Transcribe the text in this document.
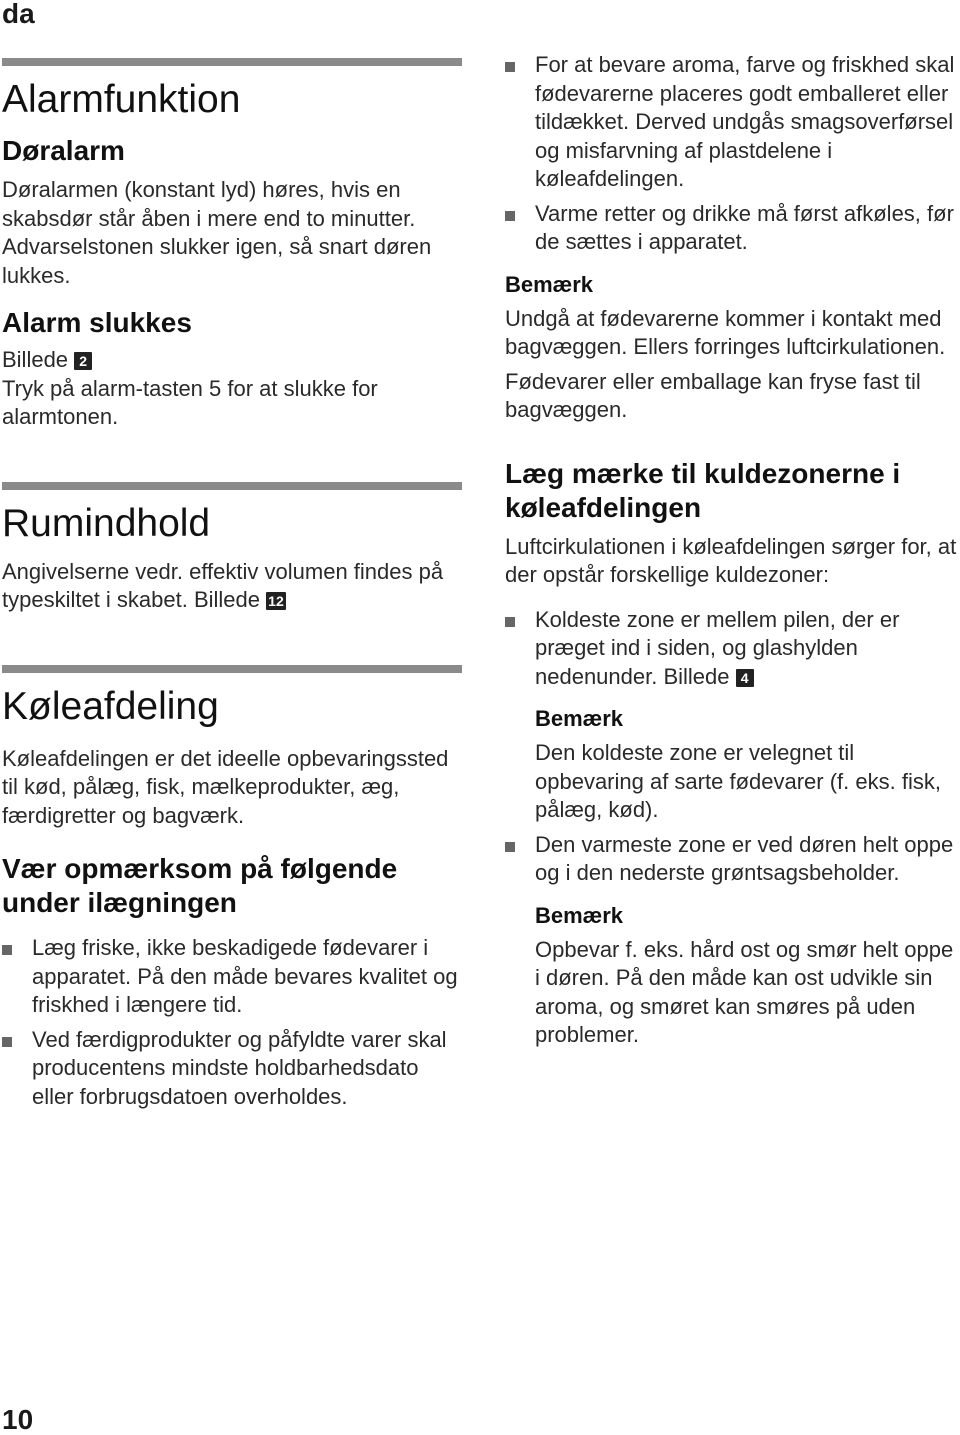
da
Alarmfunktion
Døralarm

Døralarmen (konstant lyd) høres, hvis en skabsdør står åben i mere end to minutter. Advarselstonen slukker igen, så snart døren lukkes.

Alarm slukkes

Billede 2

Tryk på alarm-tasten 5 for at slukke for alarmtonen.

Rumindhold

Angivelserne vedr. effektiv volumen findes på typeskiltet i skabet. Billede 12

Køleafdeling

Køleafdelingen er det ideelle opbevaringssted til kød, pålæg, fisk, mælkeprodukter, æg, færdigretter og bagværk.

Vær opmærksom på følgende under ilægningen
Læg friske, ikke beskadigede fødevarer i apparatet. På den måde bevares kvalitet og friskhed i længere tid.
Ved færdigprodukter og påfyldte varer skal producentens mindste holdbarhedsdato eller forbrugsdatoen overholdes.
For at bevare aroma, farve og friskhed skal fødevarerne placeres godt emballeret eller tildækket. Derved undgås smagsoverførsel og misfarvning af plastdelene i køleafdelingen.
Varme retter og drikke må først afkøles, før de sættes i apparatet.
Bemærk

Undgå at fødevarerne kommer i kontakt med bagvæggen. Ellers forringes luftcirkulationen.

Fødevarer eller emballage kan fryse fast til bagvæggen.

Læg mærke til kuldezonerne i køleafdelingen

Luftcirkulationen i køleafdelingen sørger for, at der opstår forskellige kuldezoner:

Koldeste zone er mellem pilen, der er præget ind i siden, og glashylden nedenunder. Billede 4
Bemærk
Den koldeste zone er velegnet til opbevaring af sarte fødevarer (f. eks. fisk, pålæg, kød).
Den varmeste zone er ved døren helt oppe og i den nederste grøntsagsbeholder.
Bemærk
Opbevar f. eks. hård ost og smør helt oppe i døren. På den måde kan ost udvikle sin aroma, og smøret kan smøres på uden problemer.
10
